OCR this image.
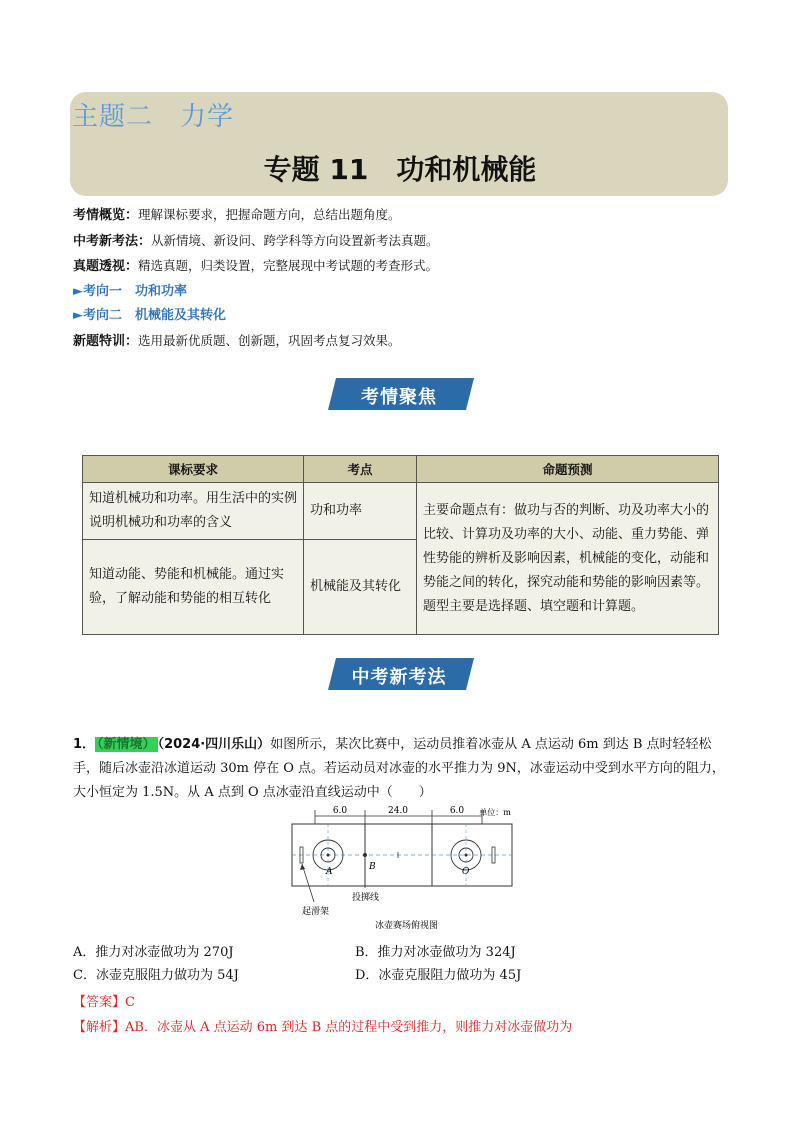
主题二　力学
专题 11　功和机械能
考情概览：理解课标要求，把握命题方向，总结出题角度。
中考新考法：从新情境、新设问、跨学科等方向设置新考法真题。
真题透视：精选真题，归类设置，完整展现中考试题的考查形式。
►考向一　功和功率
►考向二　机械能及其转化
新题特训：选用最新优质题、创新题，巩固考点复习效果。
考情聚焦
课标要求	考点	命题预测
知道机械功和功率。用生活中的实例说明机械功和功率的含义	功和功率	主要命题点有：做功与否的判断、功及功率大小的比较、计算功及功率的大小、动能、重力势能、弹性势能的辨析及影响因素，机械能的变化，动能和势能之间的转化，探究动能和势能的影响因素等。
题型主要是选择题、填空题和计算题。
知道动能、势能和机械能。通过实验，了解动能和势能的相互转化	机械能及其转化	
中考新考法
1． （新情境） （2024·四川乐山）如图所示，某次比赛中，运动员推着冰壶从 A 点运动 6m 到达 B 点时轻轻松手，随后冰壶沿冰道运动 30m 停在 O 点。若运动员对冰壶的水平推力为 9N，冰壶运动中受到水平方向的阻力，大小恒定为 1.5N。从 A 点到 O 点冰壶沿直线运动中（　　）
6.0	24.0	6.0 单位：m
A	B	O
起滑架
投掷线
冰壶赛场俯视图
A．推力对冰壶做功为 270J	B．推力对冰壶做功为 324J
C．冰壶克服阻力做功为 54J	D．冰壶克服阻力做功为 45J
【答案】C
【解析】AB．冰壶从 A 点运动 6m 到达 B 点的过程中受到推力，则推力对冰壶做功为
